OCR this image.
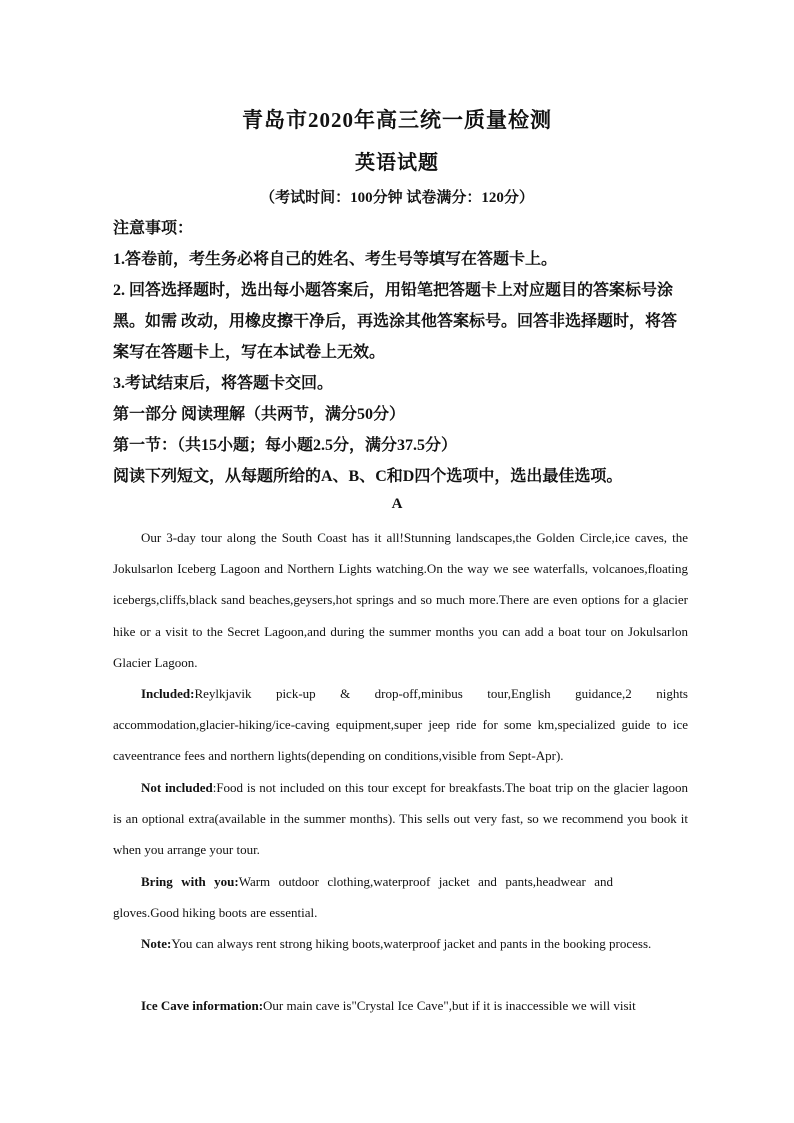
青岛市2020年高三统一质量检测
英语试题
（考试时间：100分钟 试卷满分：120分）
注意事项：
1.答卷前，考生务必将自己的姓名、考生号等填写在答题卡上。
2. 回答选择题时，选出每小题答案后，用铅笔把答题卡上对应题目的答案标号涂
黑。如需 改动，用橡皮擦干净后，再选涂其他答案标号。回答非选择题时，将答
案写在答题卡上，写在本试卷上无效。
3.考试结束后，将答题卡交回。
第一部分 阅读理解（共两节，满分50分）
第一节：（共15小题；每小题2.5分，满分37.5分）
阅读下列短文，从每题所给的A、B、C和D四个选项中，选出最佳选项。
A
Our 3-day tour along the South Coast has it all!Stunning landscapes,the Golden Circle,ice caves, the Jokulsarlon Iceberg Lagoon and Northern Lights watching.On the way we see waterfalls, volcanoes,floating icebergs,cliffs,black sand beaches,geysers,hot springs and so much more.There are even options for a glacier hike or a visit to the Secret Lagoon,and during the summer months you can add a boat tour on Jokulsarlon Glacier Lagoon.
Included:Reylkjavik pick-up & drop-off,minibus tour,English guidance,2 nights accommodation,glacier-hiking/ice-caving equipment,super jeep ride for some km,specialized guide to ice caveentrance fees and northern lights(depending on conditions,visible from Sept-Apr).
Not included:Food is not included on this tour except for breakfasts.The boat trip on the glacier lagoon is an optional extra(available in the summer months). This sells out very fast, so we recommend you book it when you arrange your tour.
Bring with you:Warm outdoor clothing,waterproof jacket and pants,headwear and gloves.Good hiking boots are essential.
Note:You can always rent strong hiking boots,waterproof jacket and pants in the booking process.
Ice Cave information:Our main cave is"Crystal Ice Cave",but if it is inaccessible we will visit
